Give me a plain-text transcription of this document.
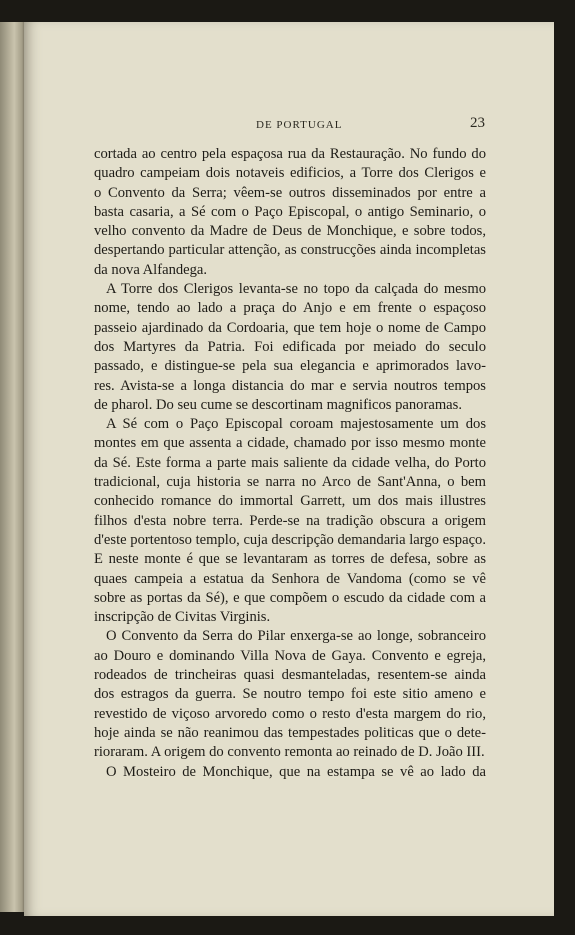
DE PORTUGAL	23
cortada ao centro pela espaçosa rua da Restauração. No fundo do
quadro campeiam dois notaveis edificios, a Torre dos Clerigos e
o Convento da Serra; vêem-se outros disseminados por entre a
basta casaria, a Sé com o Paço Episcopal, o antigo Seminario, o
velho convento da Madre de Deus de Monchique, e sobre todos,
despertando particular attenção, as construcções ainda incompletas
da nova Alfandega.
A Torre dos Clerigos levanta-se no topo da calçada do mesmo
nome, tendo ao lado a praça do Anjo e em frente o espaçoso
passeio ajardinado da Cordoaria, que tem hoje o nome de Campo
dos Martyres da Patria. Foi edificada por meiado do seculo
passado, e distingue-se pela sua elegancia e aprimorados lavo-
res. Avista-se a longa distancia do mar e servia noutros tempos
de pharol. Do seu cume se descortinam magnificos panoramas.
A Sé com o Paço Episcopal coroam majestosamente um dos
montes em que assenta a cidade, chamado por isso mesmo monte
da Sé. Este forma a parte mais saliente da cidade velha, do Porto
tradicional, cuja historia se narra no Arco de Sant'Anna, o bem
conhecido romance do immortal Garrett, um dos mais illustres
filhos d'esta nobre terra. Perde-se na tradição obscura a origem
d'este portentoso templo, cuja descripção demandaria largo espaço.
E neste monte é que se levantaram as torres de defesa, sobre as
quaes campeia a estatua da Senhora de Vandoma (como se vê
sobre as portas da Sé), e que compõem o escudo da cidade com a
inscripção de Civitas Virginis.
O Convento da Serra do Pilar enxerga-se ao longe, sobranceiro
ao Douro e dominando Villa Nova de Gaya. Convento e egreja,
rodeados de trincheiras quasi desmanteladas, resentem-se ainda
dos estragos da guerra. Se noutro tempo foi este sitio ameno e
revestido de viçoso arvoredo como o resto d'esta margem do rio,
hoje ainda se não reanimou das tempestades politicas que o dete-
rioraram. A origem do convento remonta ao reinado de D. João III.
O Mosteiro de Monchique, que na estampa se vê ao lado da
